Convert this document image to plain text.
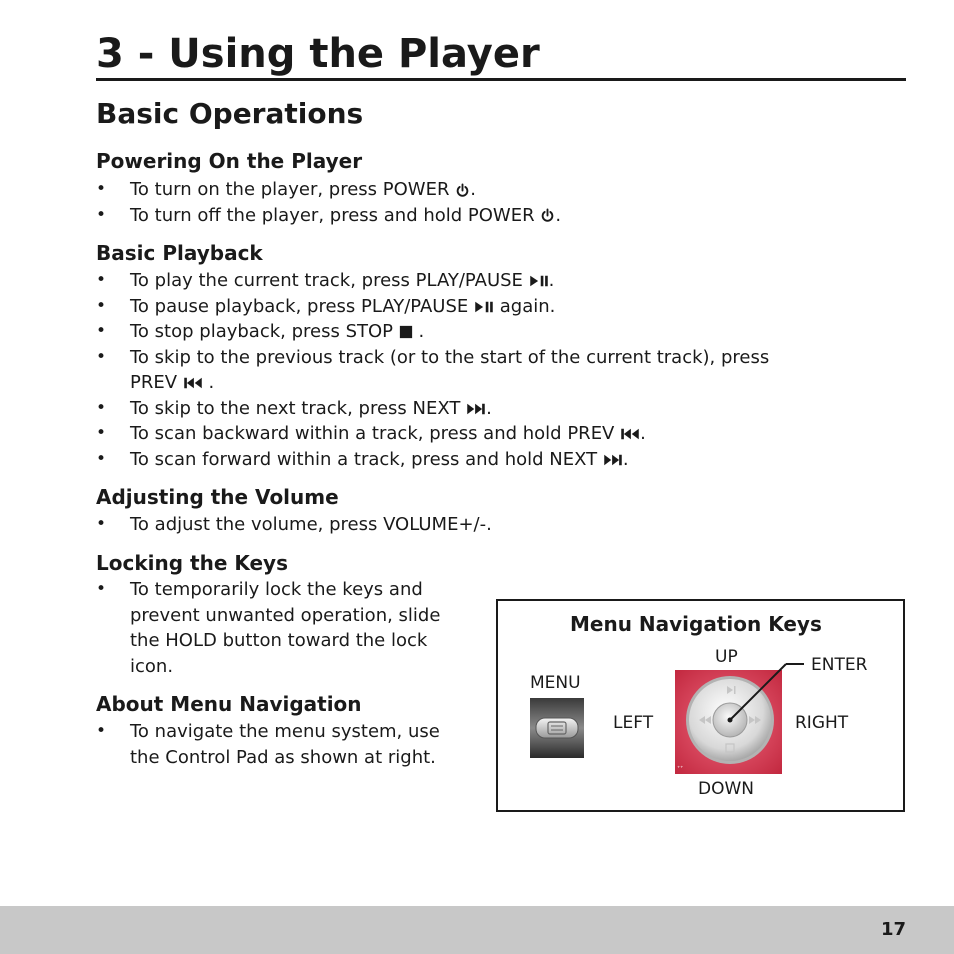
3 - Using the Player
Basic Operations
Powering On the Player
• To turn on the player, press POWER .
• To turn off the player, press and hold POWER .
Basic Playback
• To play the current track, press PLAY/PAUSE .
• To pause playback, press PLAY/PAUSE again.
• To stop playback, press STOP .
• To skip to the previous track (or to the start of the current track), press
PREV .
• To skip to the next track, press NEXT .
• To scan backward within a track, press and hold PREV .
• To scan forward within a track, press and hold NEXT .
Adjusting the Volume
• To adjust the volume, press VOLUME+/-.
Locking the Keys
• To temporarily lock the keys and
prevent unwanted operation, slide
the HOLD button toward the lock
icon.
About Menu Navigation
• To navigate the menu system, use
the Control Pad as shown at right.
Menu Navigation Keys
UP	ENTER
MENU
LEFT	RIGHT
DOWN
ᐩᐩ
17
